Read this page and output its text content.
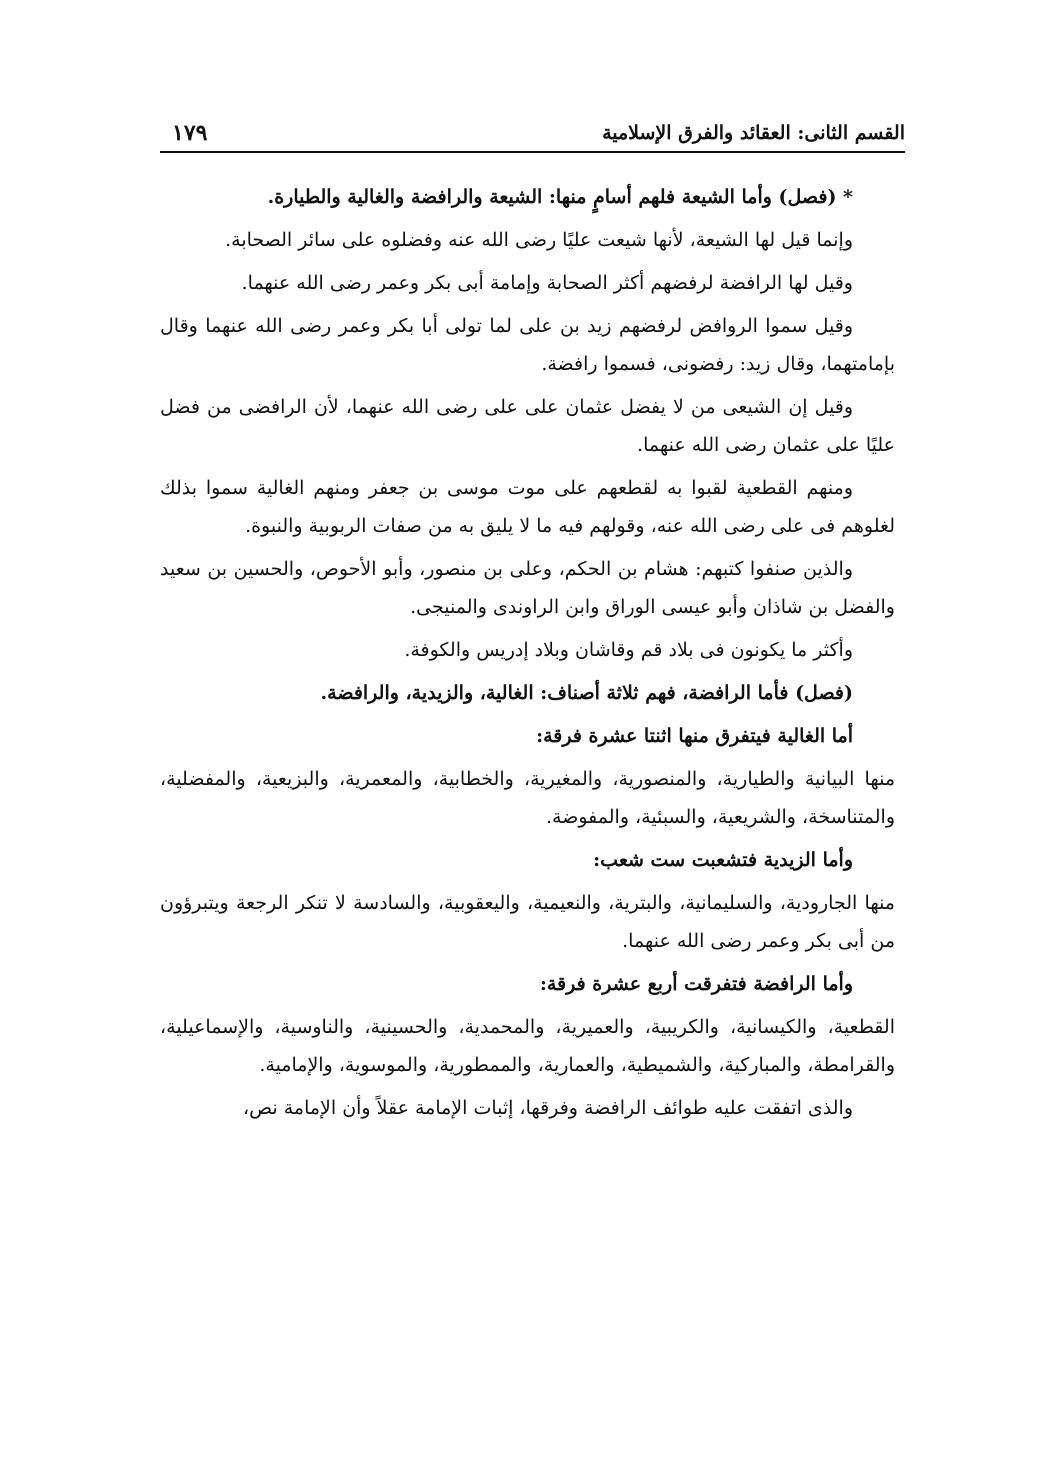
القسم الثانى: العقائد والفرق الإسلامية
١٧٩

* (فصل) وأما الشيعة فلهم أسامٍ منها: الشيعة والرافضة والغالية والطيارة.

وإنما قيل لها الشيعة، لأنها شيعت عليًا رضى الله عنه وفضلوه على سائر الصحابة.

وقيل لها الرافضة لرفضهم أكثر الصحابة وإمامة أبى بكر وعمر رضى الله عنهما.

وقيل سموا الروافض لرفضهم زيد بن على لما تولى أبا بكر وعمر رضى الله عنهما وقال بإمامتهما، وقال زيد: رفضونى، فسموا رافضة.

وقيل إن الشيعى من لا يفضل عثمان على على رضى الله عنهما، لأن الرافضى من فضل عليًا على عثمان رضى الله عنهما.

ومنهم القطعية لقبوا به لقطعهم على موت موسى بن جعفر ومنهم الغالية سموا بذلك لغلوهم فى على رضى الله عنه، وقولهم فيه ما لا يليق به من صفات الربوبية والنبوة.

والذين صنفوا كتبهم: هشام بن الحكم، وعلى بن منصور، وأبو الأحوص، والحسين بن سعيد والفضل بن شاذان وأبو عيسى الوراق وابن الراوندى والمنيجى.

وأكثر ما يكونون فى بلاد قم وقاشان وبلاد إدريس والكوفة.

(فصل) فأما الرافضة، فهم ثلاثة أصناف: الغالية، والزيدية، والرافضة.

أما الغالية فيتفرق منها اثنتا عشرة فرقة:

منها البيانية والطيارية، والمنصورية، والمغيرية، والخطابية، والمعمرية، والبزيعية، والمفضلية، والمتناسخة، والشريعية، والسبئية، والمفوضة.

وأما الزيدية فتشعبت ست شعب:

منها الجارودية، والسليمانية، والبترية، والنعيمية، واليعقوبية، والسادسة لا تنكر الرجعة ويتبرؤون من أبى بكر وعمر رضى الله عنهما.

وأما الرافضة فتفرقت أربع عشرة فرقة:

القطعية، والكيسانية، والكريبية، والعميرية، والمحمدية، والحسينية، والناوسية، والإسماعيلية، والقرامطة، والمباركية، والشميطية، والعمارية، والممطورية، والموسوية، والإمامية.

والذى اتفقت عليه طوائف الرافضة وفرقها، إثبات الإمامة عقلاً وأن الإمامة نص،
